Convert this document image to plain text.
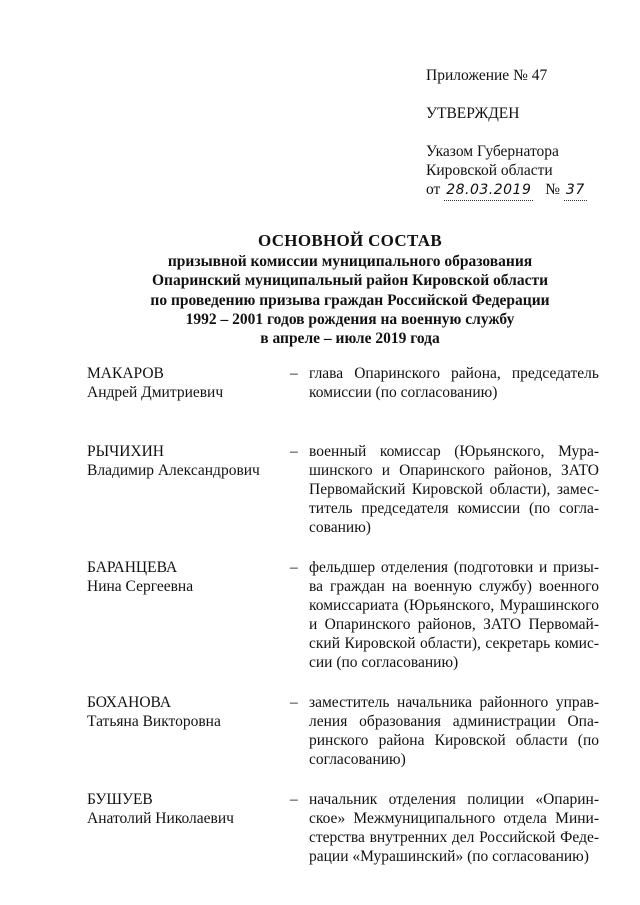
Приложение № 47
УТВЕРЖДЕН
Указом Губернатора
Кировской области
от 28.03.2019 № 37
ОСНОВНОЙ СОСТАВ
призывной комиссии муниципального образования
Опаринский муниципальный район Кировской области
по проведению призыва граждан Российской Федерации
1992 – 2001 годов рождения на военную службу
в апреле – июле 2019 года
МАКАРОВ
Андрей Дмитриевич
– глава Опаринского района, председатель
комиссии (по согласованию)
РЫЧИХИН
Владимир Александрович
– военный комиссар (Юрьянского, Мура-
шинского и Опаринского районов, ЗАТО
Первомайский Кировской области), замес-
титель председателя комиссии (по согла-
сованию)
БАРАНЦЕВА
Нина Сергеевна
– фельдшер отделения (подготовки и призы-
ва граждан на военную службу) военного
комиссариата (Юрьянского, Мурашинского
и Опаринского районов, ЗАТО Первомай-
ский Кировской области), секретарь комис-
сии (по согласованию)
БОХАНОВА
Татьяна Викторовна
– заместитель начальника районного управ-
ления образования администрации Опа-
ринского района Кировской области (по
согласованию)
БУШУЕВ
Анатолий Николаевич
– начальник отделения полиции «Опарин-
ское» Межмуниципального отдела Мини-
стерства внутренних дел Российской Феде-
рации «Мурашинский» (по согласованию)
